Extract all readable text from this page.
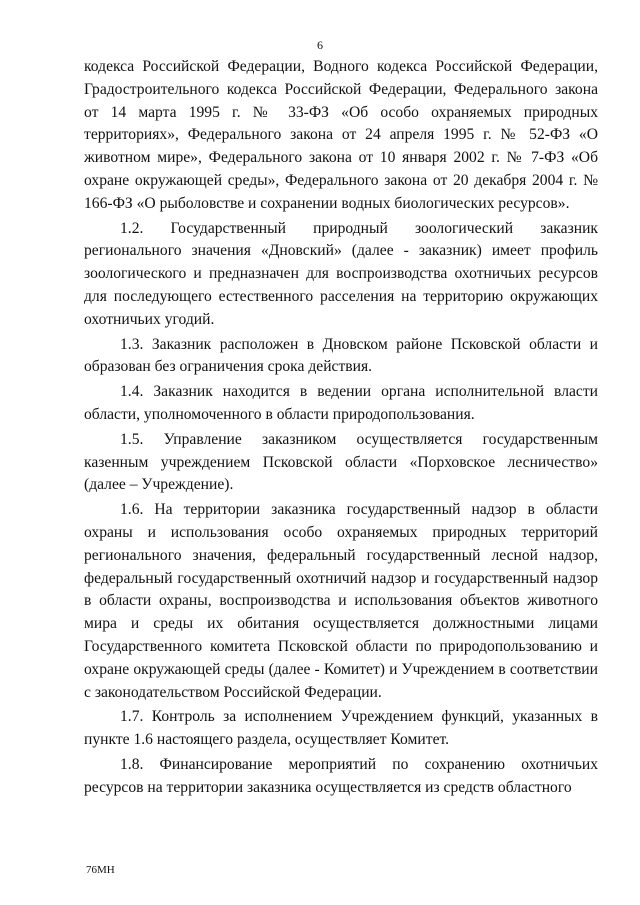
6

кодекса Российской Федерации, Водного кодекса Российской Федерации, Градостроительного кодекса Российской Федерации, Федерального закона от 14 марта 1995 г. № 33-ФЗ «Об особо охраняемых природных территориях», Федерального закона от 24 апреля 1995 г. № 52-ФЗ «О животном мире», Федерального закона от 10 января 2002 г. № 7-ФЗ «Об охране окружающей среды», Федерального закона от 20 декабря 2004 г. № 166-ФЗ «О рыболовстве и сохранении водных биологических ресурсов».

1.2. Государственный природный зоологический заказник регионального значения «Дновский» (далее - заказник) имеет профиль зоологического и предназначен для воспроизводства охотничьих ресурсов для последующего естественного расселения на территорию окружающих охотничьих угодий.

1.3. Заказник расположен в Дновском районе Псковской области и образован без ограничения срока действия.

1.4. Заказник находится в ведении органа исполнительной власти области, уполномоченного в области природопользования.

1.5. Управление заказником осуществляется государственным казенным учреждением Псковской области «Порховское лесничество» (далее – Учреждение).

1.6. На территории заказника государственный надзор в области охраны и использования особо охраняемых природных территорий регионального значения, федеральный государственный лесной надзор, федеральный государственный охотничий надзор и государственный надзор в области охраны, воспроизводства и использования объектов животного мира и среды их обитания осуществляется должностными лицами Государственного комитета Псковской области по природопользованию и охране окружающей среды (далее - Комитет) и Учреждением в соответствии с законодательством Российской Федерации.

1.7. Контроль за исполнением Учреждением функций, указанных в пункте 1.6 настоящего раздела, осуществляет Комитет.

1.8. Финансирование мероприятий по сохранению охотничьих ресурсов на территории заказника осуществляется из средств областного

76МН
